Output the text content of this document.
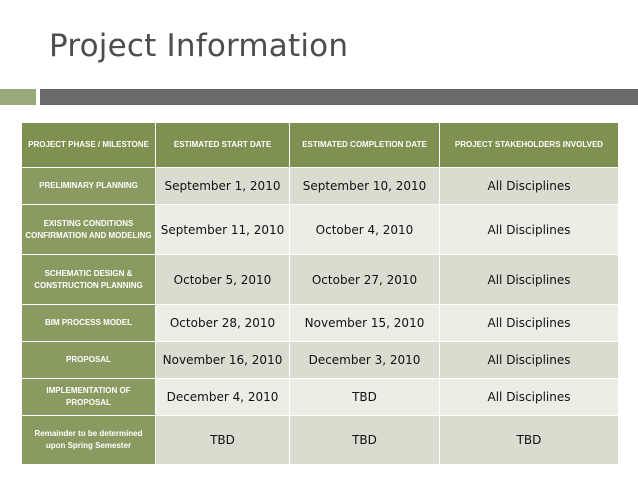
Project Information
PROJECT PHASE / MILESTONE	ESTIMATED START DATE	ESTIMATED COMPLETION DATE	PROJECT STAKEHOLDERS INVOLVED
PRELIMINARY PLANNING	September 1, 2010	September 10, 2010	All Disciplines
EXISTING CONDITIONS CONFIRMATION AND MODELING	September 11, 2010	October 4, 2010	All Disciplines
SCHEMATIC DESIGN & CONSTRUCTION PLANNING	October 5, 2010	October 27, 2010	All Disciplines
BIM PROCESS MODEL	October 28, 2010	November 15, 2010	All Disciplines
PROPOSAL	November 16, 2010	December 3, 2010	All Disciplines
IMPLEMENTATION OF PROPOSAL	December 4, 2010	TBD	All Disciplines
Remainder to be determined upon Spring Semester	TBD	TBD	TBD
